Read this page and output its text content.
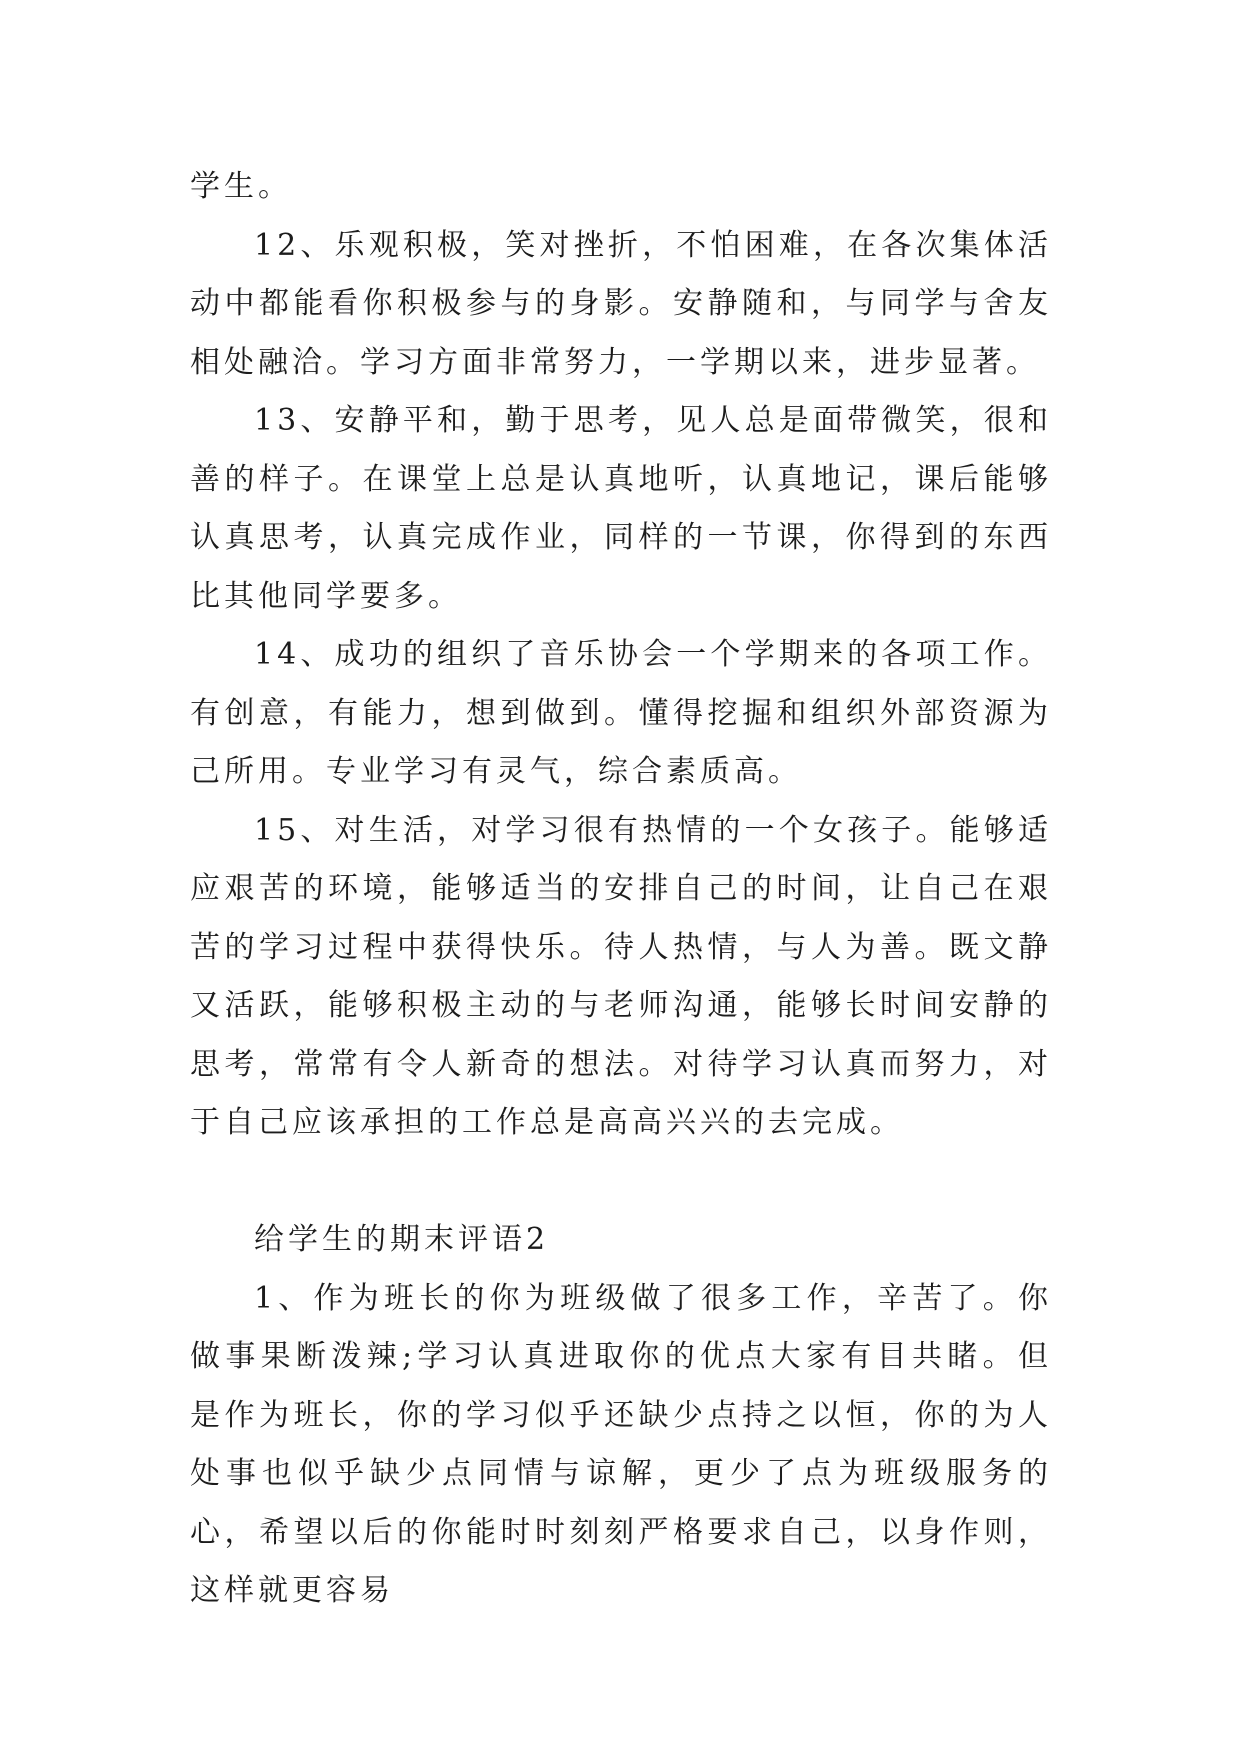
学生。

12、乐观积极，笑对挫折，不怕困难，在各次集体活动中都能看你积极参与的身影。安静随和，与同学与舍友相处融洽。学习方面非常努力，一学期以来，进步显著。

13、安静平和，勤于思考，见人总是面带微笑，很和善的样子。在课堂上总是认真地听，认真地记，课后能够认真思考，认真完成作业，同样的一节课，你得到的东西比其他同学要多。

14、成功的组织了音乐协会一个学期来的各项工作。有创意，有能力，想到做到。懂得挖掘和组织外部资源为己所用。专业学习有灵气，综合素质高。

15、对生活，对学习很有热情的一个女孩子。能够适应艰苦的环境，能够适当的安排自己的时间，让自己在艰苦的学习过程中获得快乐。待人热情，与人为善。既文静又活跃，能够积极主动的与老师沟通，能够长时间安静的思考，常常有令人新奇的想法。对待学习认真而努力，对于自己应该承担的工作总是高高兴兴的去完成。

给学生的期末评语2

1、作为班长的你为班级做了很多工作，辛苦了。你做事果断泼辣;学习认真进取你的优点大家有目共睹。但是作为班长，你的学习似乎还缺少点持之以恒，你的为人处事也似乎缺少点同情与谅解，更少了点为班级服务的心，希望以后的你能时时刻刻严格要求自己，以身作则，这样就更容易
